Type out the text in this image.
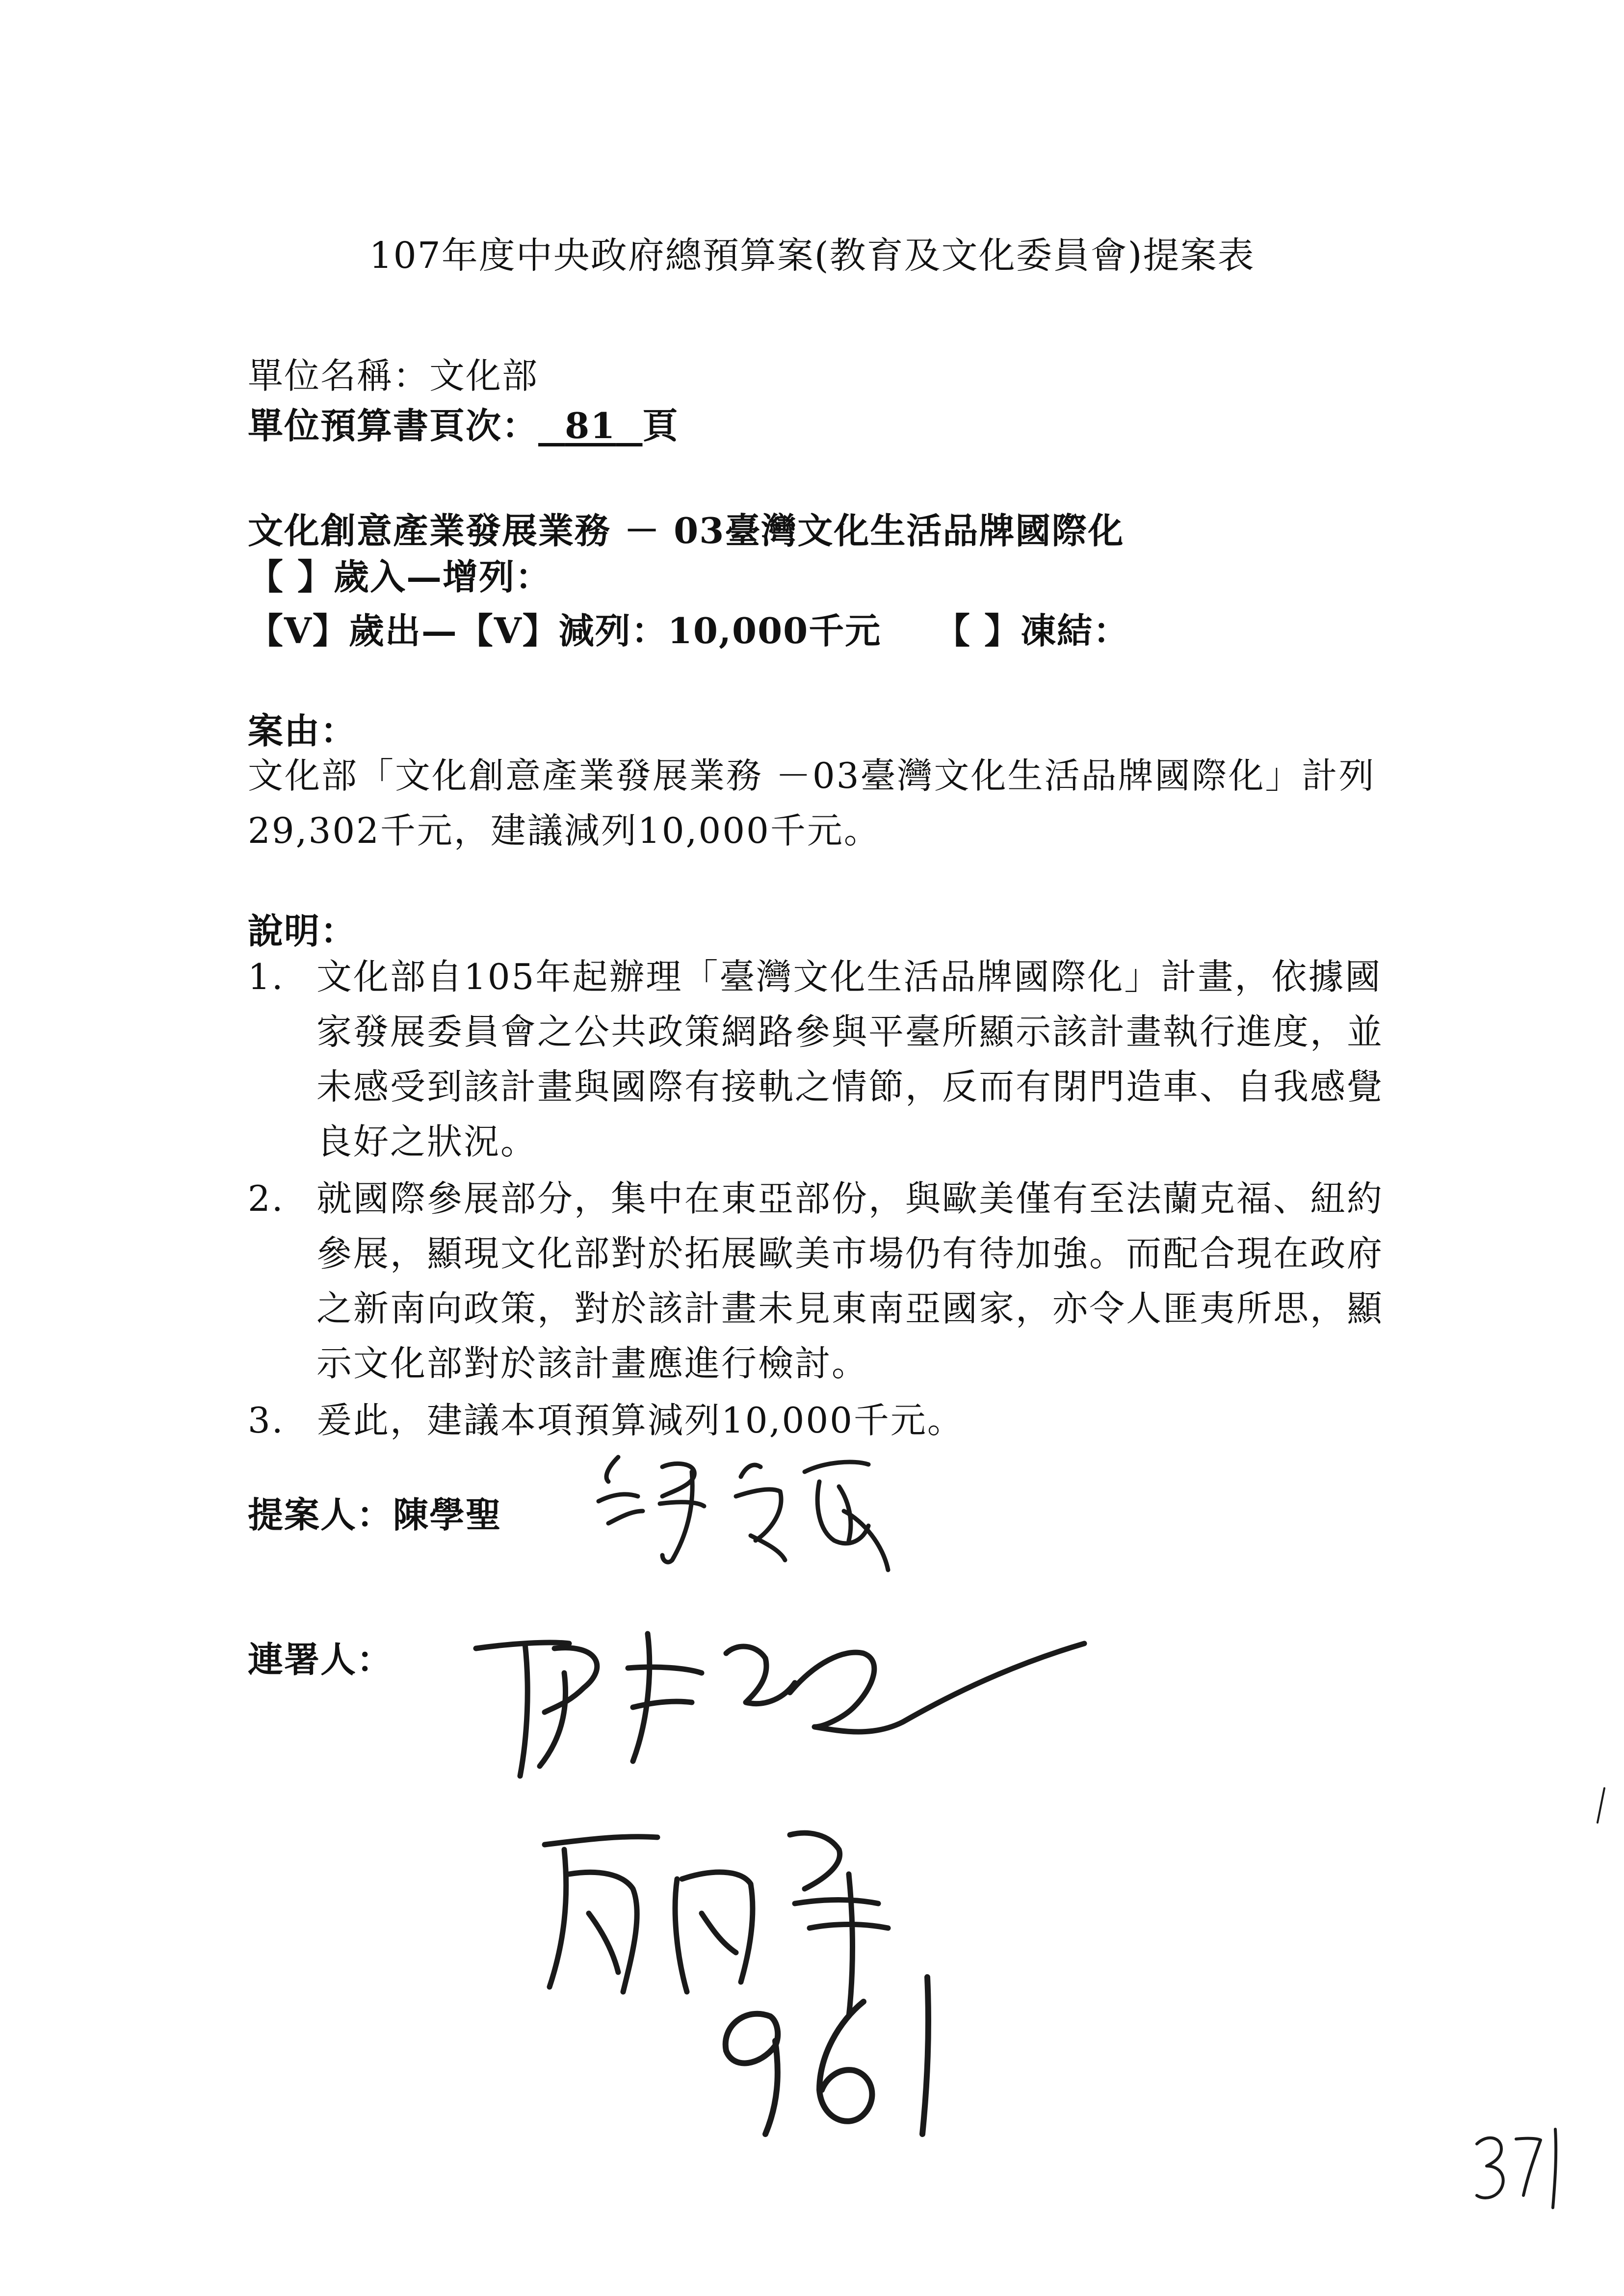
107年度中央政府總預算案(教育及文化委員會)提案表
單位名稱：文化部
單位預算書頁次： 81 頁
文化創意產業發展業務 － 03臺灣文化生活品牌國際化
【 】歲入—增列：
【V】歲出—【V】減列：10,000千元 【 】凍結：
案由：
文化部「文化創意產業發展業務 －03臺灣文化生活品牌國際化」計列29,302千元，建議減列10,000千元。
說明：
1. 文化部自105年起辦理「臺灣文化生活品牌國際化」計畫，依據國家發展委員會之公共政策網路參與平臺所顯示該計畫執行進度，並未感受到該計畫與國際有接軌之情節，反而有閉門造車、自我感覺良好之狀況。
2. 就國際參展部分，集中在東亞部份，與歐美僅有至法蘭克福、紐約參展，顯現文化部對於拓展歐美市場仍有待加強。而配合現在政府之新南向政策，對於該計畫未見東南亞國家，亦令人匪夷所思，顯示文化部對於該計畫應進行檢討。
3. 爰此，建議本項預算減列10,000千元。
提案人：陳學聖
連署人：
